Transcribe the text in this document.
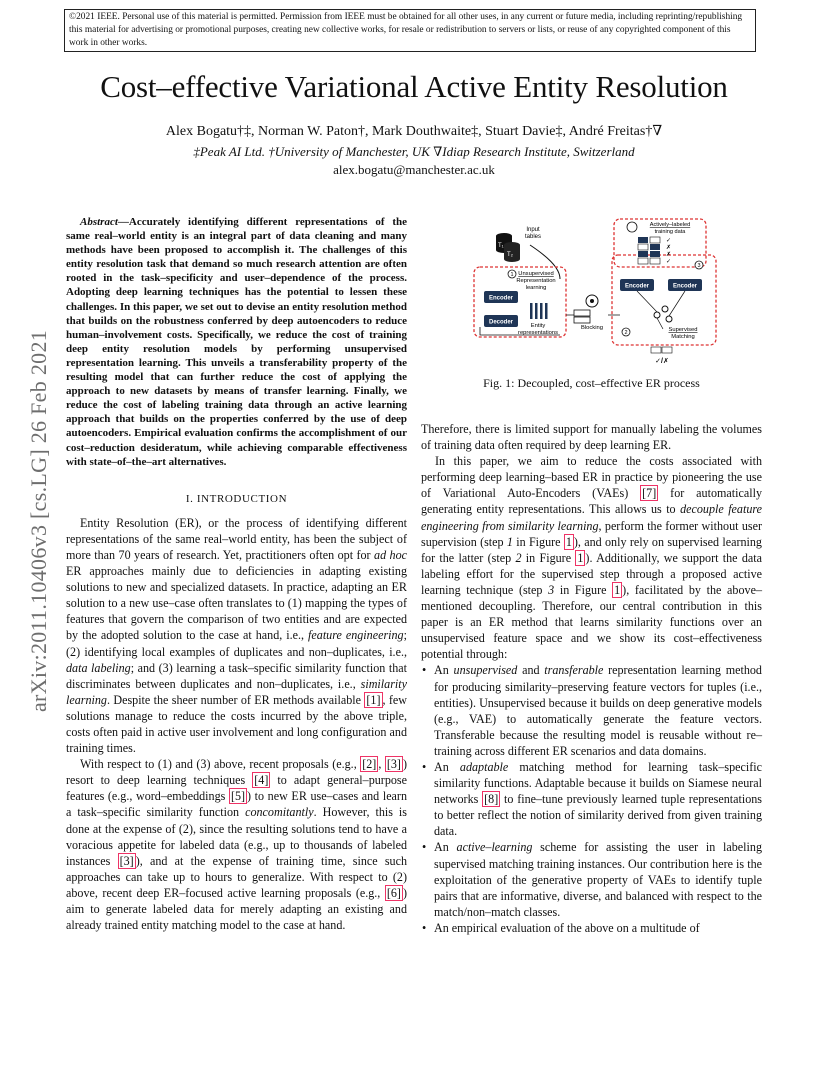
©2021 IEEE. Personal use of this material is permitted. Permission from IEEE must be obtained for all other uses, in any current or future media, including reprinting/republishing this material for advertising or promotional purposes, creating new collective works, for resale or redistribution to servers or lists, or reuse of any copyrighted component of this work in other works.
Cost–effective Variational Active Entity Resolution
Alex Bogatu†‡, Norman W. Paton†, Mark Douthwaite‡, Stuart Davie‡, André Freitas†∇
‡Peak AI Ltd. †University of Manchester, UK ∇Idiap Research Institute, Switzerland
alex.bogatu@manchester.ac.uk
arXiv:2011.10406v3 [cs.LG] 26 Feb 2021

Abstract—Accurately identifying different representations of the same real–world entity is an integral part of data cleaning and many methods have been proposed to accomplish it. The challenges of this entity resolution task that demand so much research attention are often rooted in the task–specificity and user–dependence of the process. Adopting deep learning techniques has the potential to lessen these challenges. In this paper, we set out to devise an entity resolution method that builds on the robustness conferred by deep autoencoders to reduce human–involvement costs. Specifically, we reduce the cost of training deep entity resolution models by performing unsupervised representation learning. This unveils a transferability property of the resulting model that can further reduce the cost of applying the approach to new datasets by means of transfer learning. Finally, we reduce the cost of labeling training data through an active learning approach that builds on the properties conferred by the use of deep autoencoders. Empirical evaluation confirms the accomplishment of our cost–reduction desideratum, while achieving comparable effectiveness with state–of–the–art alternatives.

I. INTRODUCTION

Entity Resolution (ER), or the process of identifying different representations of the same real–world entity, has been the subject of more than 70 years of research. Yet, practitioners often opt for ad hoc ER approaches mainly due to deficiencies in adapting existing solutions to new and specialized datasets. In practice, adapting an ER solution to a new use–case often translates to (1) mapping the types of features that govern the comparison of two entities and are expected by the adopted solution to the case at hand, i.e., feature engineering; (2) identifying local examples of duplicates and non–duplicates, i.e., data labeling; and (3) learning a task–specific similarity function that discriminates between duplicates and non–duplicates, i.e., similarity learning. Despite the sheer number of ER methods available [1] , few solutions manage to reduce the costs incurred by the above triple, costs often paid in active user involvement and long configuration and training times.

With respect to (1) and (3) above, recent proposals (e.g., [2] , [3] ) resort to deep learning techniques [4] to adapt general–purpose features (e.g., word–embeddings [5] ) to new ER use–cases and learn a task–specific similarity function concomitantly. However, this is done at the expense of (2), since the resulting solutions tend to have a voracious appetite for labeled data (e.g., up to thousands of labeled instances [3] ), and at the expense of training time, since such approaches can take up to hours to generalize. With respect to (2) above, recent deep ER–focused active learning proposals (e.g., [6] ) aim to generate labeled data for merely adapting an existing and already trained entity matching model to the case at hand.

T₁
T₂
Input
tables
1 Unsupervised
Representation
learning
Encoder
Decoder
Entity
representations
Blocking
2
Actively–labeled
training data
✓
✗
✗
✓
3
Encoder	Encoder
Supervised
Matching
✓/✗
Fig. 1: Decoupled, cost–effective ER process

Therefore, there is limited support for manually labeling the volumes of training data often required by deep learning ER.

In this paper, we aim to reduce the costs associated with performing deep learning–based ER in practice by pioneering the use of Variational Auto-Encoders (VAEs) [7] for automatically generating entity representations. This allows us to decouple feature engineering from similarity learning, perform the former without user supervision (step 1 in Figure 1 ), and only rely on supervised learning for the latter (step 2 in Figure 1 ). Additionally, we support the data labeling effort for the supervised step through a proposed active learning technique (step 3 in Figure 1 ), facilitated by the above–mentioned decoupling. Therefore, our central contribution in this paper is an ER method that learns similarity functions over an unsupervised feature space and we show its cost–effectiveness potential through:

• An unsupervised and transferable representation learning method for producing similarity–preserving feature vectors for tuples (i.e., entities). Unsupervised because it builds on deep generative models (e.g., VAE) to automatically generate the feature vectors. Transferable because the resulting model is reusable without re–training across different ER scenarios and data domains.
• An adaptable matching method for learning task–specific similarity functions. Adaptable because it builds on Siamese neural networks [8] to fine–tune previously learned tuple representations to better reflect the notion of similarity derived from given training data.
• An active–learning scheme for assisting the user in labeling supervised matching training instances. Our contribution here is the exploitation of the generative property of VAEs to identify tuple pairs that are informative, diverse, and balanced with respect to the match/non–match classes.
• An empirical evaluation of the above on a multitude of
